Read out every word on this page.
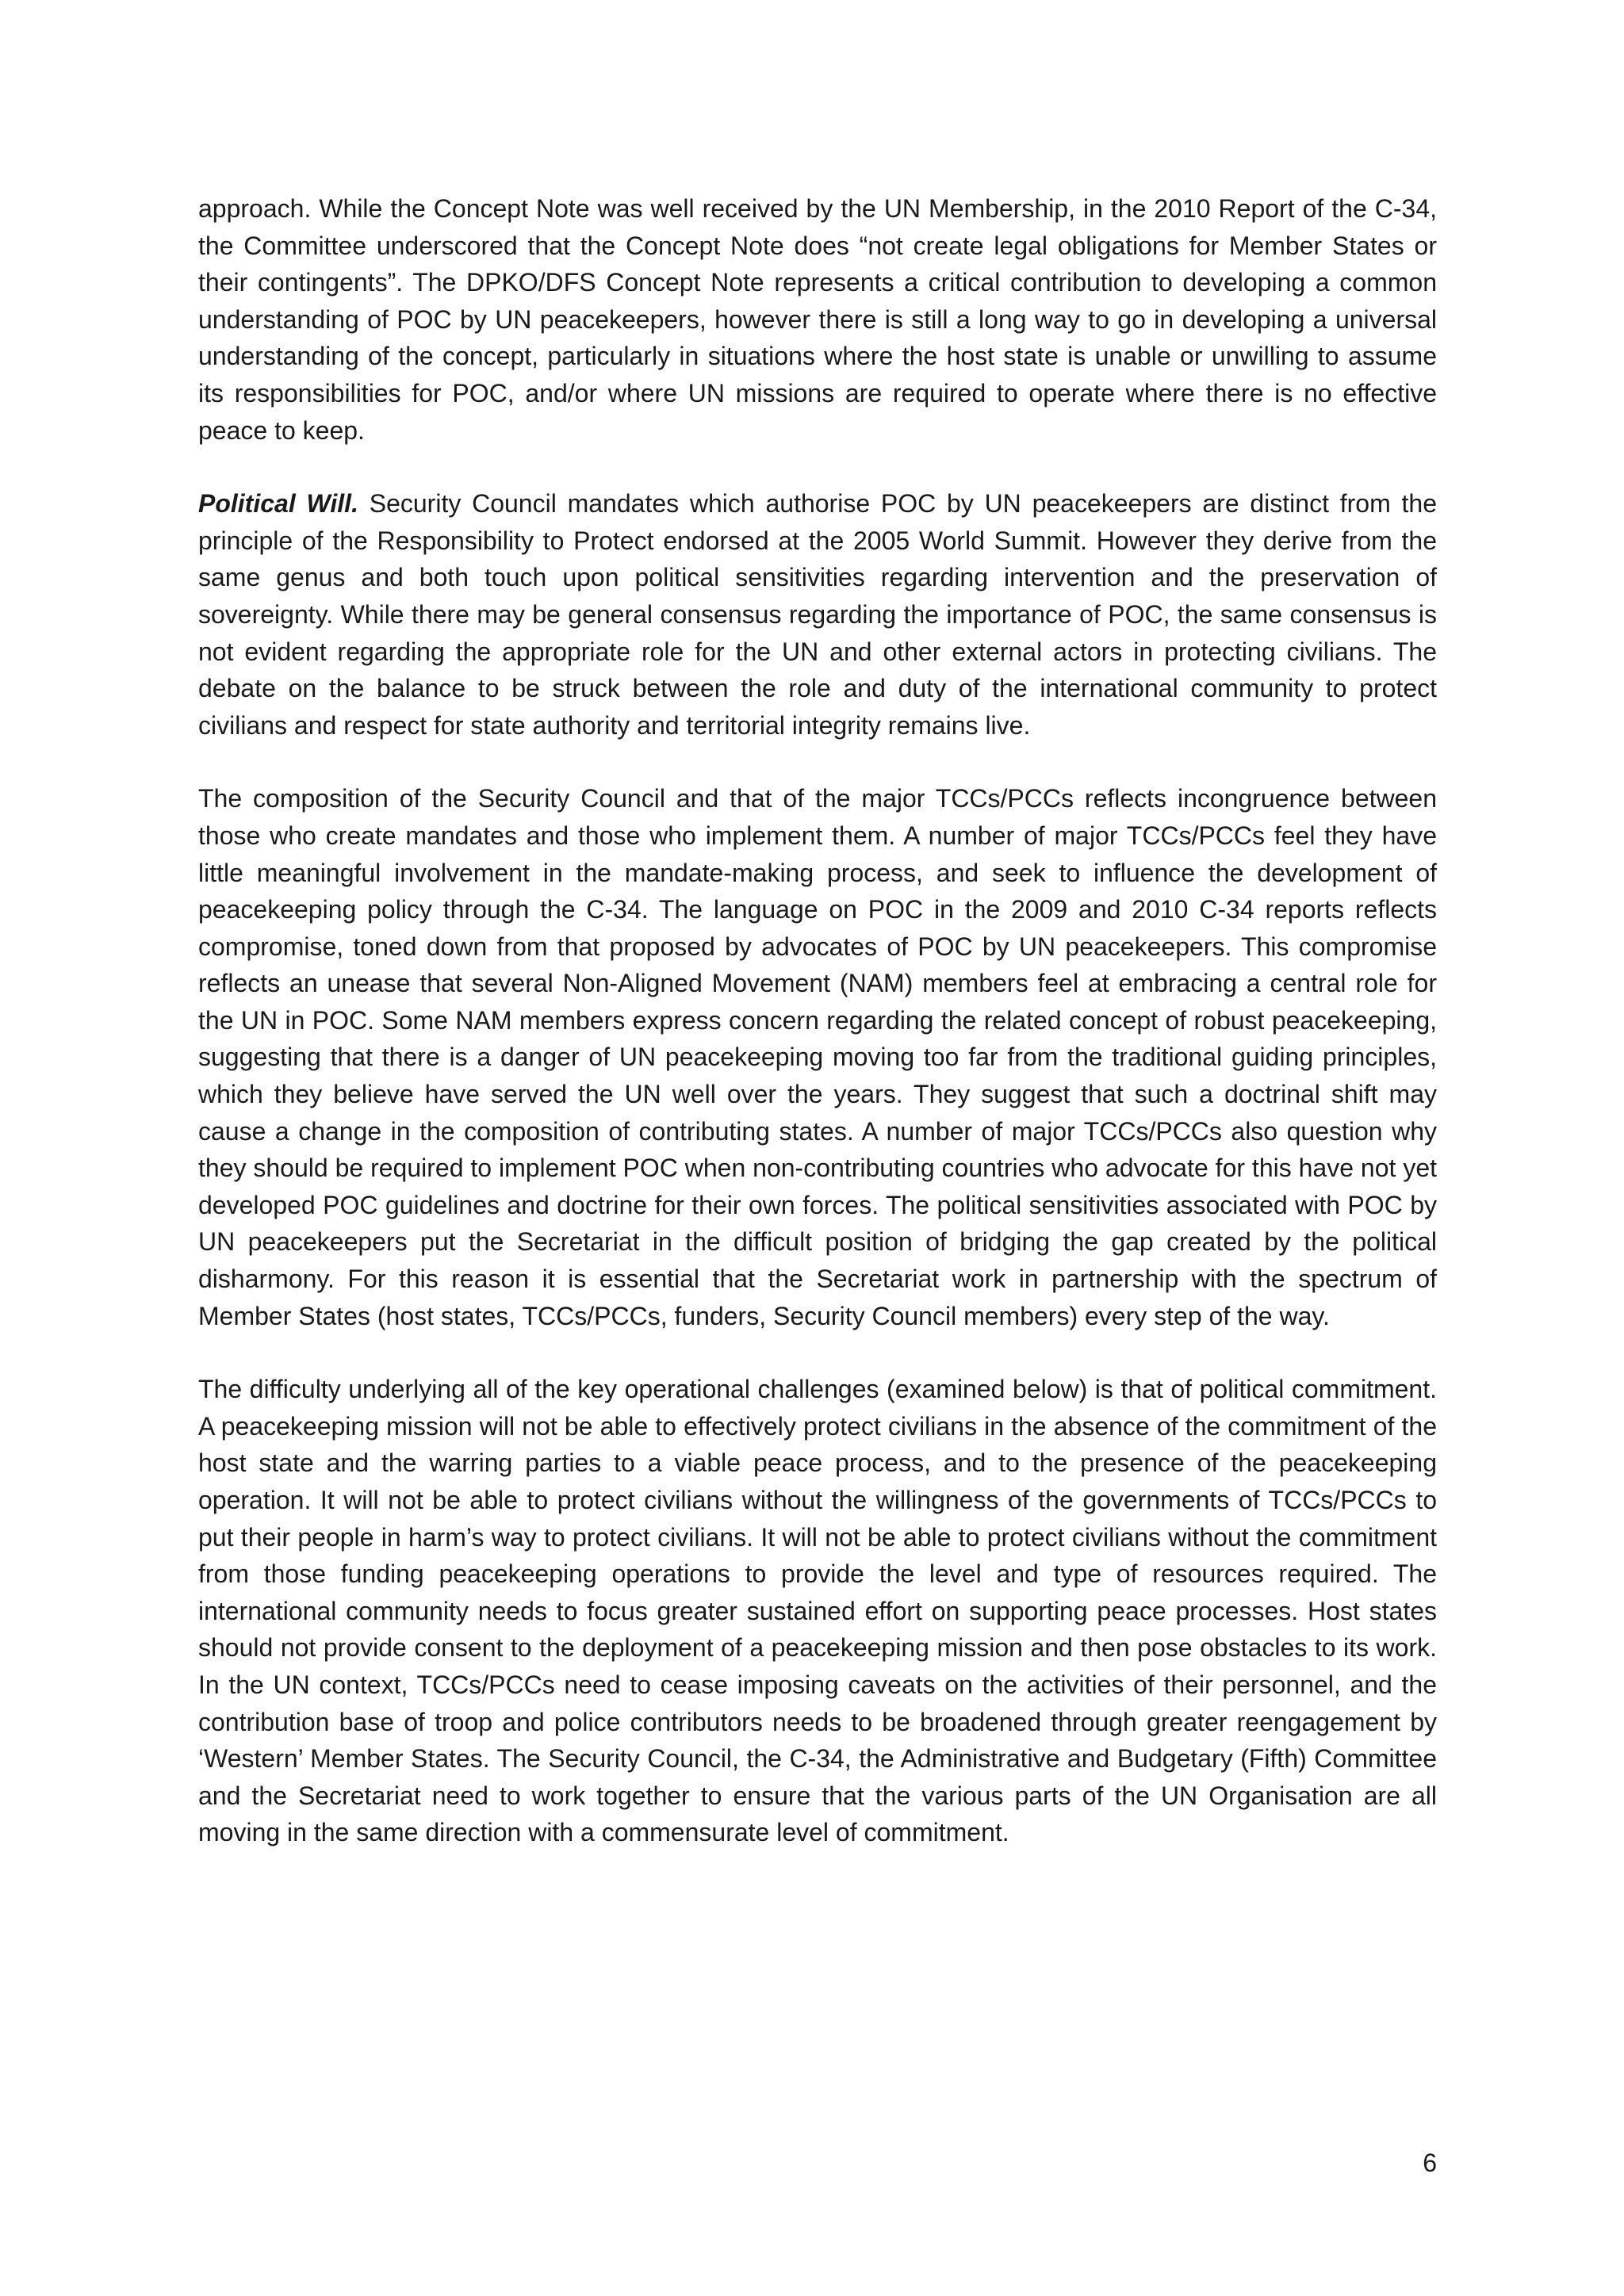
approach. While the Concept Note was well received by the UN Membership, in the 2010 Report of the C-34, the Committee underscored that the Concept Note does “not create legal obligations for Member States or their contingents”. The DPKO/DFS Concept Note represents a critical contribution to developing a common understanding of POC by UN peacekeepers, however there is still a long way to go in developing a universal understanding of the concept, particularly in situations where the host state is unable or unwilling to assume its responsibilities for POC, and/or where UN missions are required to operate where there is no effective peace to keep.

Political Will. Security Council mandates which authorise POC by UN peacekeepers are distinct from the principle of the Responsibility to Protect endorsed at the 2005 World Summit. However they derive from the same genus and both touch upon political sensitivities regarding intervention and the preservation of sovereignty. While there may be general consensus regarding the importance of POC, the same consensus is not evident regarding the appropriate role for the UN and other external actors in protecting civilians. The debate on the balance to be struck between the role and duty of the international community to protect civilians and respect for state authority and territorial integrity remains live.

The composition of the Security Council and that of the major TCCs/PCCs reflects incongruence between those who create mandates and those who implement them. A number of major TCCs/PCCs feel they have little meaningful involvement in the mandate-making process, and seek to influence the development of peacekeeping policy through the C-34. The language on POC in the 2009 and 2010 C-34 reports reflects compromise, toned down from that proposed by advocates of POC by UN peacekeepers. This compromise reflects an unease that several Non-Aligned Movement (NAM) members feel at embracing a central role for the UN in POC. Some NAM members express concern regarding the related concept of robust peacekeeping, suggesting that there is a danger of UN peacekeeping moving too far from the traditional guiding principles, which they believe have served the UN well over the years. They suggest that such a doctrinal shift may cause a change in the composition of contributing states. A number of major TCCs/PCCs also question why they should be required to implement POC when non-contributing countries who advocate for this have not yet developed POC guidelines and doctrine for their own forces. The political sensitivities associated with POC by UN peacekeepers put the Secretariat in the difficult position of bridging the gap created by the political disharmony. For this reason it is essential that the Secretariat work in partnership with the spectrum of Member States (host states, TCCs/PCCs, funders, Security Council members) every step of the way.

The difficulty underlying all of the key operational challenges (examined below) is that of political commitment. A peacekeeping mission will not be able to effectively protect civilians in the absence of the commitment of the host state and the warring parties to a viable peace process, and to the presence of the peacekeeping operation. It will not be able to protect civilians without the willingness of the governments of TCCs/PCCs to put their people in harm’s way to protect civilians. It will not be able to protect civilians without the commitment from those funding peacekeeping operations to provide the level and type of resources required. The international community needs to focus greater sustained effort on supporting peace processes. Host states should not provide consent to the deployment of a peacekeeping mission and then pose obstacles to its work. In the UN context, TCCs/PCCs need to cease imposing caveats on the activities of their personnel, and the contribution base of troop and police contributors needs to be broadened through greater reengagement by ‘Western’ Member States. The Security Council, the C-34, the Administrative and Budgetary (Fifth) Committee and the Secretariat need to work together to ensure that the various parts of the UN Organisation are all moving in the same direction with a commensurate level of commitment.

6
